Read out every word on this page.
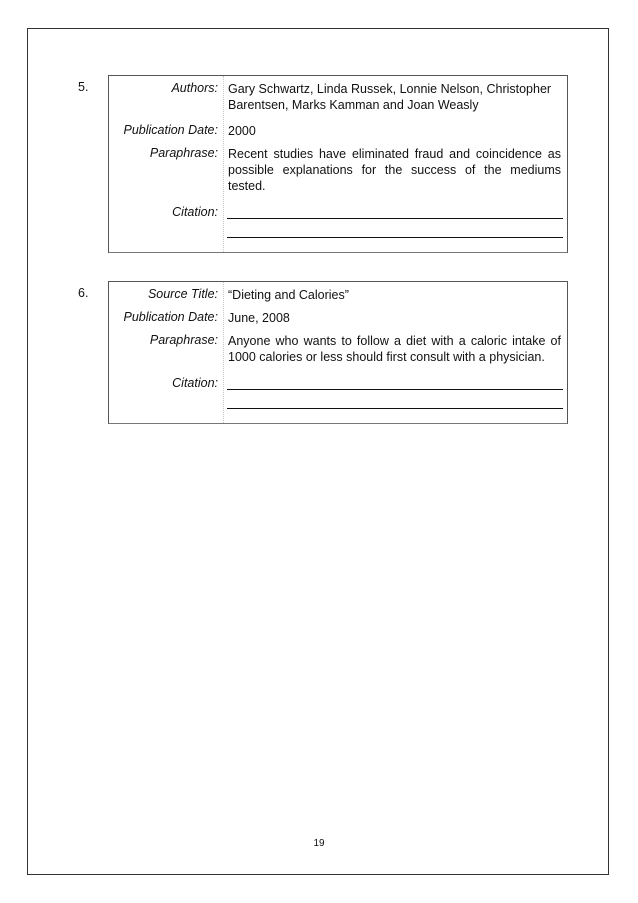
5.	Authors: Gary Schwartz, Linda Russek, Lonnie Nelson, Christopher Barentsen, Marks Kamman and Joan Weasly
Publication Date: 2000
Paraphrase: Recent studies have eliminated fraud and coincidence as possible explanations for the success of the mediums tested.
Citation:
6.	Source Title: “Dieting and Calories”
Publication Date: June, 2008
Paraphrase: Anyone who wants to follow a diet with a caloric intake of 1000 calories or less should first consult with a physician.
Citation:
19
